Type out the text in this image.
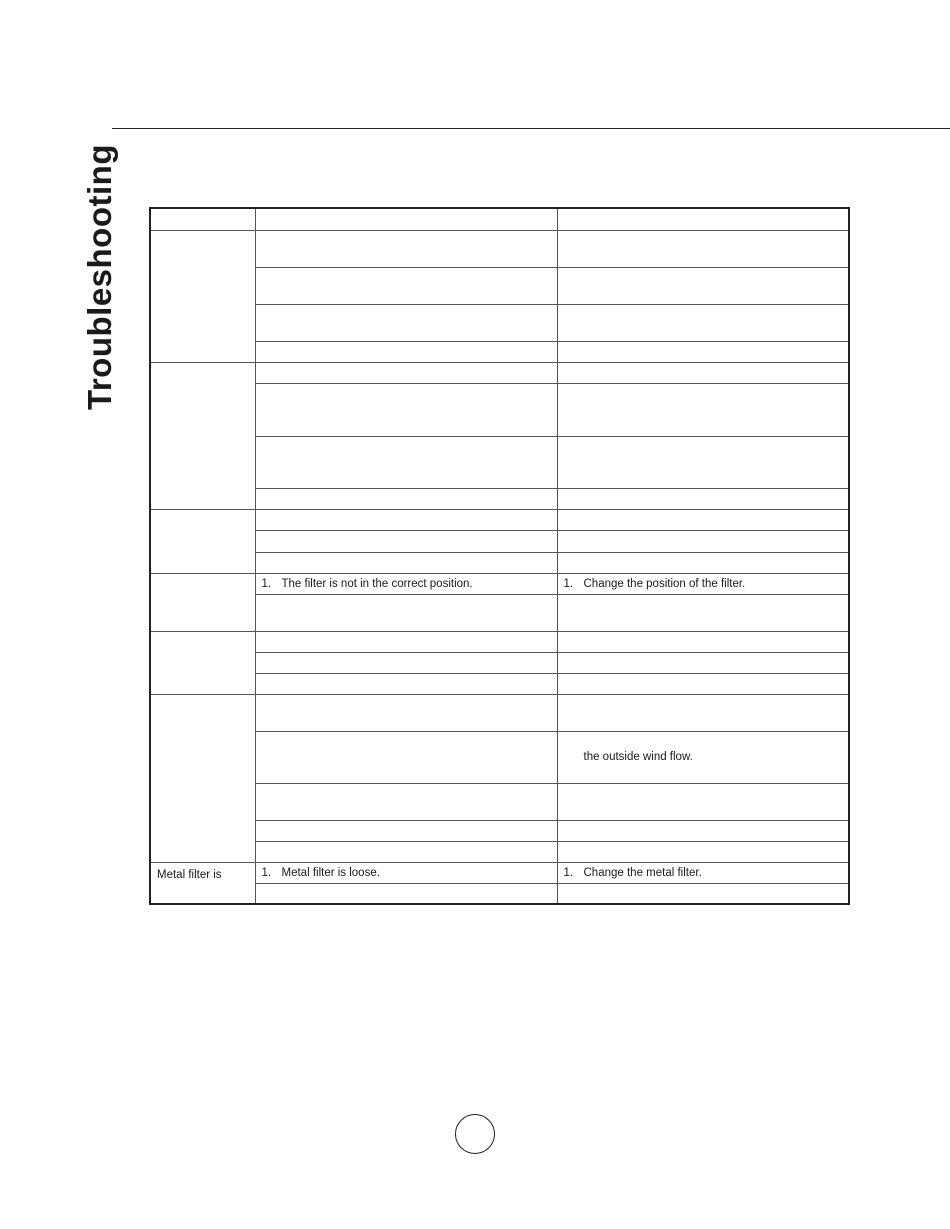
Troubleshooting

	1. The filter is not in the correct position.	1. Change the position of the filter.

		the outside wind flow.

Metal filter is	1. Metal filter is loose.	1. Change the metal filter.
